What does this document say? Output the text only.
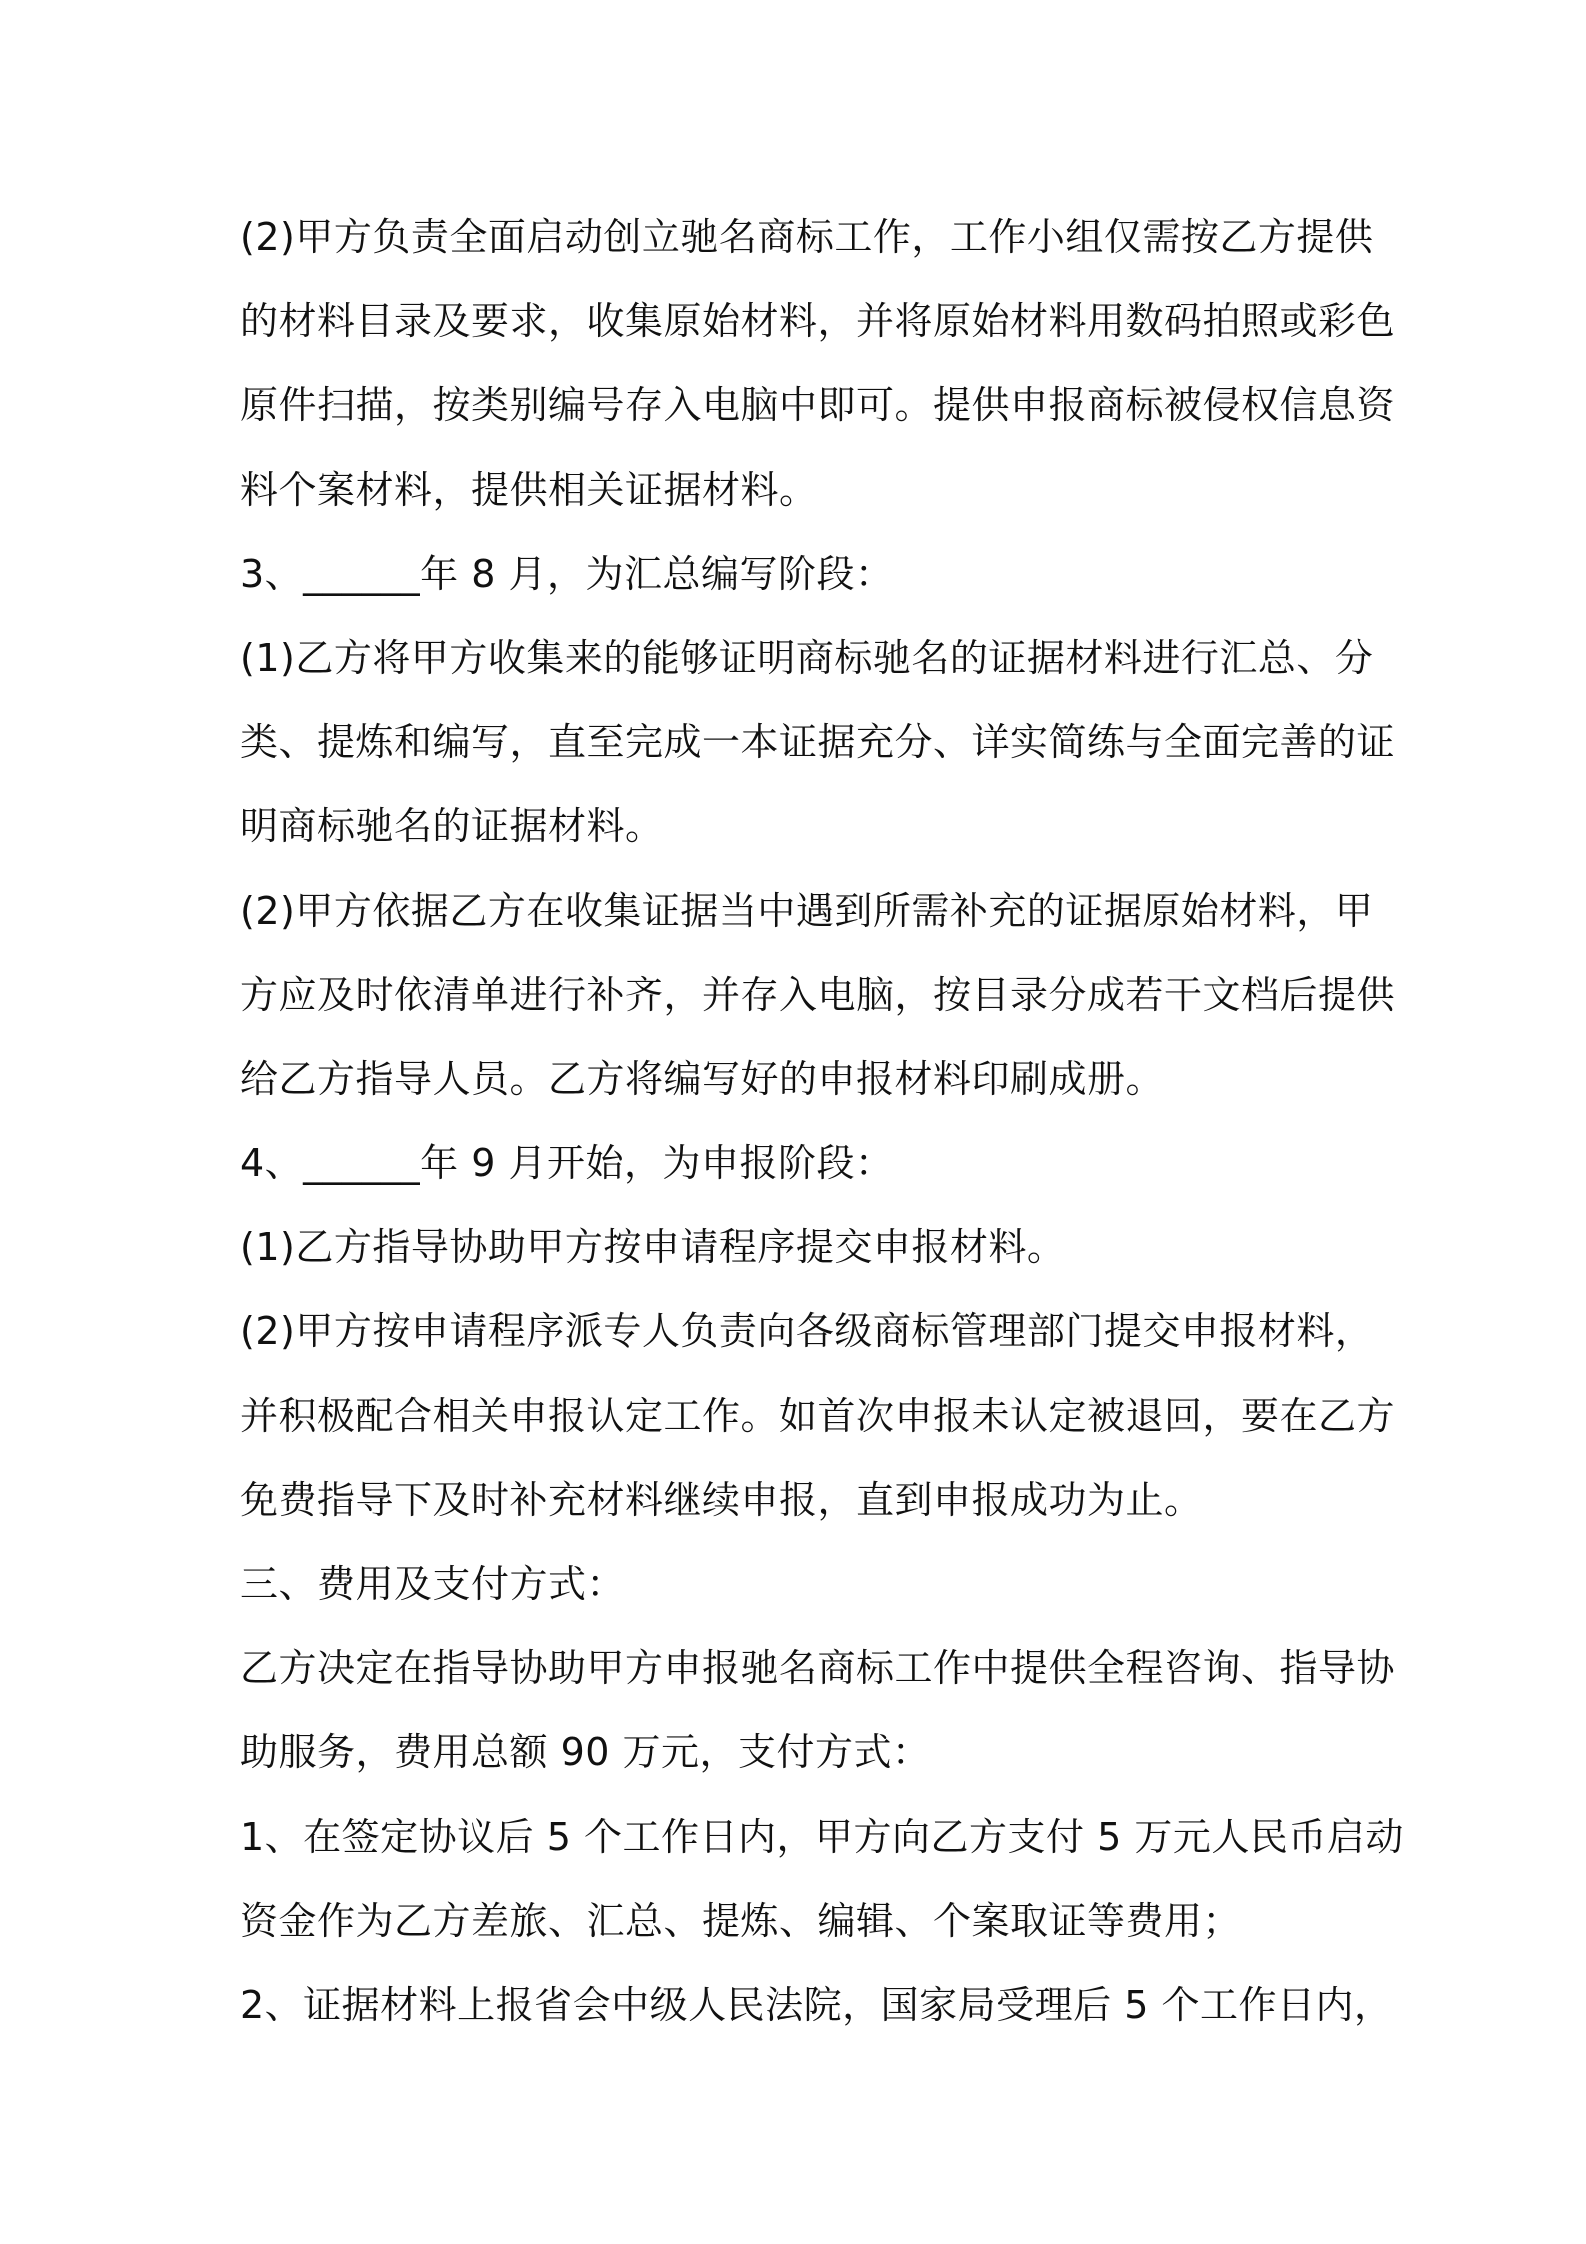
(2)甲方负责全面启动创立驰名商标工作，工作小组仅需按乙方提供
的材料目录及要求，收集原始材料，并将原始材料用数码拍照或彩色
原件扫描，按类别编号存入电脑中即可。提供申报商标被侵权信息资
料个案材料，提供相关证据材料。
3、______年 8 月，为汇总编写阶段：
(1)乙方将甲方收集来的能够证明商标驰名的证据材料进行汇总、分
类、提炼和编写，直至完成一本证据充分、详实简练与全面完善的证
明商标驰名的证据材料。
(2)甲方依据乙方在收集证据当中遇到所需补充的证据原始材料，甲
方应及时依清单进行补齐，并存入电脑，按目录分成若干文档后提供
给乙方指导人员。乙方将编写好的申报材料印刷成册。
4、______年 9 月开始，为申报阶段：
(1)乙方指导协助甲方按申请程序提交申报材料。
(2)甲方按申请程序派专人负责向各级商标管理部门提交申报材料，
并积极配合相关申报认定工作。如首次申报未认定被退回，要在乙方
免费指导下及时补充材料继续申报，直到申报成功为止。
三、费用及支付方式：
乙方决定在指导协助甲方申报驰名商标工作中提供全程咨询、指导协
助服务，费用总额 90 万元，支付方式：
1、在签定协议后 5 个工作日内，甲方向乙方支付 5 万元人民币启动
资金作为乙方差旅、汇总、提炼、编辑、个案取证等费用；
2、证据材料上报省会中级人民法院，国家局受理后 5 个工作日内，
